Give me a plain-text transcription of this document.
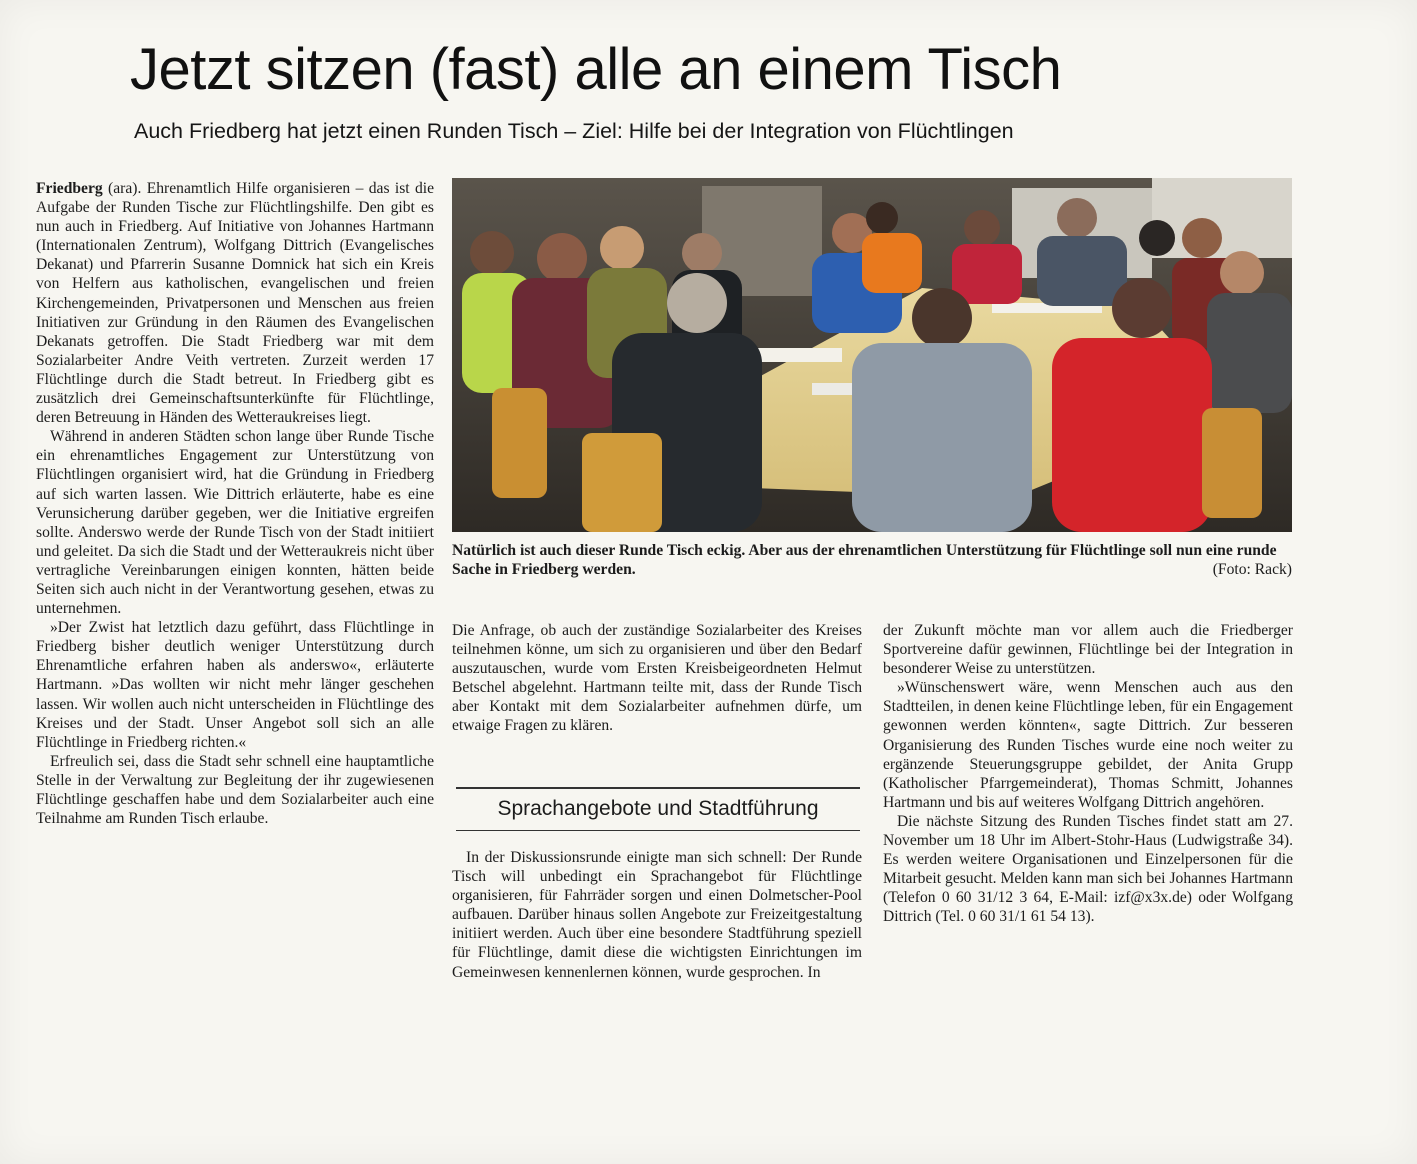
Jetzt sitzen (fast) alle an einem Tisch

Auch Friedberg hat jetzt einen Runden Tisch – Ziel: Hilfe bei der Integration von Flüchtlingen

Friedberg (ara). Ehrenamtlich Hilfe organisieren – das ist die Aufgabe der Runden Tische zur Flüchtlingshilfe. Den gibt es nun auch in Friedberg. Auf Initiative von Johannes Hartmann (Internationalen Zentrum), Wolfgang Dittrich (Evangelisches Dekanat) und Pfarrerin Susanne Domnick hat sich ein Kreis von Helfern aus katholischen, evangelischen und freien Kirchengemeinden, Privatpersonen und Menschen aus freien Initiativen zur Gründung in den Räumen des Evangelischen Dekanats getroffen. Die Stadt Friedberg war mit dem Sozialarbeiter Andre Veith vertreten. Zurzeit werden 17 Flüchtlinge durch die Stadt betreut. In Friedberg gibt es zusätzlich drei Gemeinschaftsunterkünfte für Flüchtlinge, deren Betreuung in Händen des Wetteraukreises liegt.

Während in anderen Städten schon lange über Runde Tische ein ehrenamtliches Engagement zur Unterstützung von Flüchtlingen organisiert wird, hat die Gründung in Friedberg auf sich warten lassen. Wie Dittrich erläuterte, habe es eine Verunsicherung darüber gegeben, wer die Initiative ergreifen sollte. Anderswo werde der Runde Tisch von der Stadt initiiert und geleitet. Da sich die Stadt und der Wetteraukreis nicht über vertragliche Vereinbarungen einigen konnten, hätten beide Seiten sich auch nicht in der Verantwortung gesehen, etwas zu unternehmen.

»Der Zwist hat letztlich dazu geführt, dass Flüchtlinge in Friedberg bisher deutlich weniger Unterstützung durch Ehrenamtliche erfahren haben als anderswo«, erläuterte Hartmann. »Das wollten wir nicht mehr länger geschehen lassen. Wir wollen auch nicht unterscheiden in Flüchtlinge des Kreises und der Stadt. Unser Angebot soll sich an alle Flüchtlinge in Friedberg richten.«

Erfreulich sei, dass die Stadt sehr schnell eine hauptamtliche Stelle in der Verwaltung zur Begleitung der ihr zugewiesenen Flüchtlinge geschaffen habe und dem Sozialarbeiter auch eine Teilnahme am Runden Tisch erlaube.

Natürlich ist auch dieser Runde Tisch eckig. Aber aus der ehrenamtlichen Unterstützung für Flüchtlinge soll nun eine runde Sache in Friedberg werden.	(Foto: Rack)

Die Anfrage, ob auch der zuständige Sozialarbeiter des Kreises teilnehmen könne, um sich zu organisieren und über den Bedarf auszutauschen, wurde vom Ersten Kreisbeigeordneten Helmut Betschel abgelehnt. Hartmann teilte mit, dass der Runde Tisch aber Kontakt mit dem Sozialarbeiter aufnehmen dürfe, um etwaige Fragen zu klären.

Sprachangebote und Stadtführung

In der Diskussionsrunde einigte man sich schnell: Der Runde Tisch will unbedingt ein Sprachangebot für Flüchtlinge organisieren, für Fahrräder sorgen und einen Dolmetscher-Pool aufbauen. Darüber hinaus sollen Angebote zur Freizeitgestaltung initiiert werden. Auch über eine besondere Stadtführung speziell für Flüchtlinge, damit diese die wichtigsten Einrichtungen im Gemeinwesen kennenlernen können, wurde gesprochen. In

der Zukunft möchte man vor allem auch die Friedberger Sportvereine dafür gewinnen, Flüchtlinge bei der Integration in besonderer Weise zu unterstützen.

»Wünschenswert wäre, wenn Menschen auch aus den Stadtteilen, in denen keine Flüchtlinge leben, für ein Engagement gewonnen werden könnten«, sagte Dittrich. Zur besseren Organisierung des Runden Tisches wurde eine noch weiter zu ergänzende Steuerungsgruppe gebildet, der Anita Grupp (Katholischer Pfarrgemeinderat), Thomas Schmitt, Johannes Hartmann und bis auf weiteres Wolfgang Dittrich angehören.

Die nächste Sitzung des Runden Tisches findet statt am 27. November um 18 Uhr im Albert-Stohr-Haus (Ludwigstraße 34). Es werden weitere Organisationen und Einzelpersonen für die Mitarbeit gesucht. Melden kann man sich bei Johannes Hartmann (Telefon 0 60 31/12 3 64, E-Mail: izf@x3x.de) oder Wolfgang Dittrich (Tel. 0 60 31/1 61 54 13).
